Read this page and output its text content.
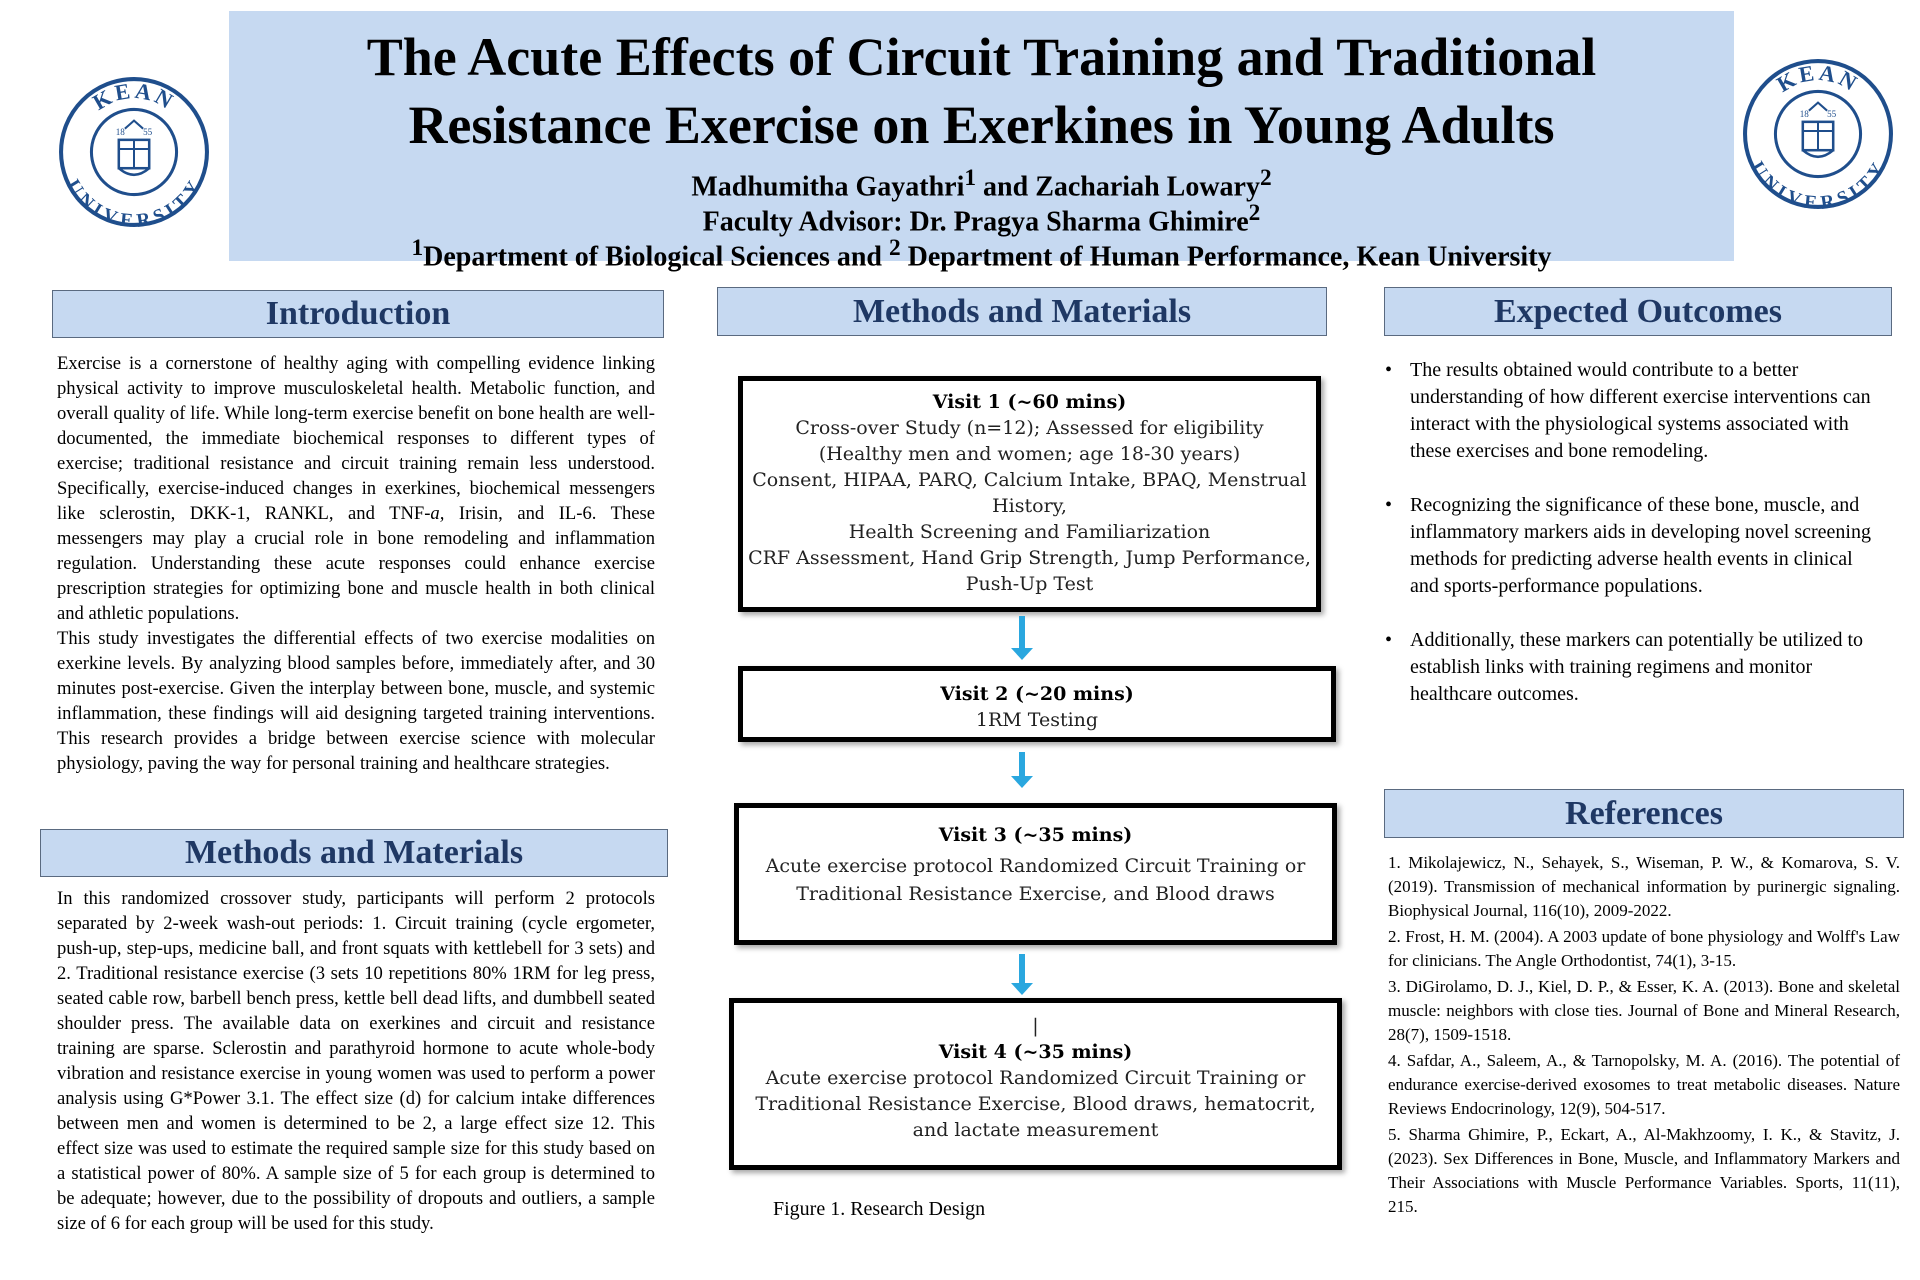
The Acute Effects of Circuit Training and Traditional
Resistance Exercise on Exerkines in Young Adults
Madhumitha Gayathri$^1$ and Zachariah Lowary$^2$
Faculty Advisor: Dr. Pragya Sharma Ghimire$^2$
$^1$Department of Biological Sciences and $^2$ Department of Human Performance, Kean University
KEAN
UNIVERSITY
18 55
KEAN
UNIVERSITY
18 55
Introduction

Exercise is a cornerstone of healthy aging with compelling evidence linking physical activity to improve musculoskeletal health. Metabolic function, and overall quality of life. While long-term exercise benefit on bone health are well-documented, the immediate biochemical responses to different types of exercise; traditional resistance and circuit training remain less understood. Specifically, exercise-induced changes in exerkines, biochemical messengers like sclerostin, DKK-1, RANKL, and TNF-a, Irisin, and IL-6. These messengers may play a crucial role in bone remodeling and inflammation regulation. Understanding these acute responses could enhance exercise prescription strategies for optimizing bone and muscle health in both clinical and athletic populations.

This study investigates the differential effects of two exercise modalities on exerkine levels. By analyzing blood samples before, immediately after, and 30 minutes post-exercise. Given the interplay between bone, muscle, and systemic inflammation, these findings will aid designing targeted training interventions. This research provides a bridge between exercise science with molecular physiology, paving the way for personal training and healthcare strategies.

Methods and Materials

In this randomized crossover study, participants will perform 2 protocols separated by 2-week wash-out periods: 1. Circuit training (cycle ergometer, push-up, step-ups, medicine ball, and front squats with kettlebell for 3 sets) and 2. Traditional resistance exercise (3 sets 10 repetitions 80% 1RM for leg press, seated cable row, barbell bench press, kettle bell dead lifts, and dumbbell seated shoulder press. The available data on exerkines and circuit and resistance training are sparse. Sclerostin and parathyroid hormone to acute whole-body vibration and resistance exercise in young women was used to perform a power analysis using G*Power 3.1. The effect size (d) for calcium intake differences between men and women is determined to be 2, a large effect size 12. This effect size was used to estimate the required sample size for this study based on a statistical power of 80%. A sample size of 5 for each group is determined to be adequate; however, due to the possibility of dropouts and outliers, a sample size of 6 for each group will be used for this study.

Methods and Materials
Visit 1 (~60 mins)
Cross-over Study (n=12); Assessed for eligibility
(Healthy men and women; age 18-30 years)
Consent, HIPAA, PARQ, Calcium Intake, BPAQ, Menstrual History,
Health Screening and Familiarization
CRF Assessment, Hand Grip Strength, Jump Performance, Push-Up Test
Visit 2 (~20 mins)
1RM Testing
Visit 3 (~35 mins)
Acute exercise protocol Randomized Circuit Training or Traditional Resistance Exercise, and Blood draws
|
Visit 4 (~35 mins)
Acute exercise protocol Randomized Circuit Training or Traditional Resistance Exercise, Blood draws, hematocrit, and lactate measurement
Figure 1. Research Design
Expected Outcomes
• The results obtained would contribute to a better understanding of how different exercise interventions can interact with the physiological systems associated with these exercises and bone remodeling.
• Recognizing the significance of these bone, muscle, and inflammatory markers aids in developing novel screening methods for predicting adverse health events in clinical and sports-performance populations.
• Additionally, these markers can potentially be utilized to establish links with training regimens and monitor healthcare outcomes.
References

1. Mikolajewicz, N., Sehayek, S., Wiseman, P. W., & Komarova, S. V. (2019). Transmission of mechanical information by purinergic signaling. Biophysical Journal, 116(10), 2009-2022.

2. Frost, H. M. (2004). A 2003 update of bone physiology and Wolff's Law for clinicians. The Angle Orthodontist, 74(1), 3-15.

3. DiGirolamo, D. J., Kiel, D. P., & Esser, K. A. (2013). Bone and skeletal muscle: neighbors with close ties. Journal of Bone and Mineral Research, 28(7), 1509-1518.

4. Safdar, A., Saleem, A., & Tarnopolsky, M. A. (2016). The potential of endurance exercise-derived exosomes to treat metabolic diseases. Nature Reviews Endocrinology, 12(9), 504-517.

5. Sharma Ghimire, P., Eckart, A., Al-Makhzoomy, I. K., & Stavitz, J. (2023). Sex Differences in Bone, Muscle, and Inflammatory Markers and Their Associations with Muscle Performance Variables. Sports, 11(11), 215.
